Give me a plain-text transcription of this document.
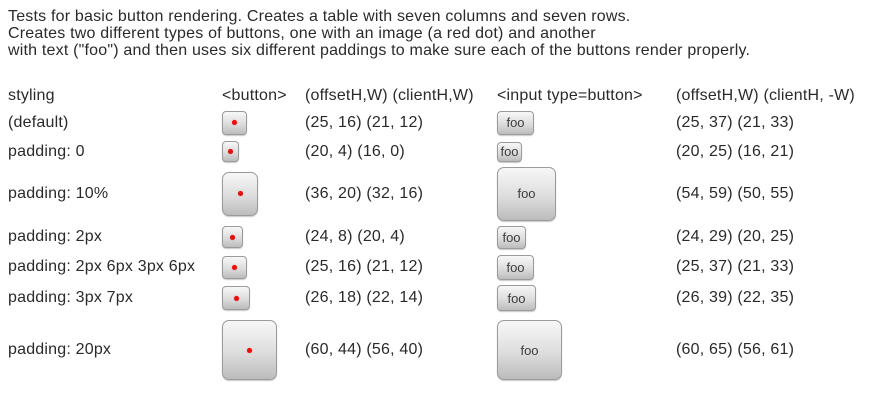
Tests for basic button rendering. Creates a table with seven columns and seven rows.
Creates two different types of buttons, one with an image (a red dot) and another
with text ("foo") and then uses six different paddings to make sure each of the buttons render properly.
styling	<button>	(offsetH,W) (clientH,W)	<input type=button>	(offsetH,W) (clientH, -W)
(default)		(25, 16) (21, 12)	foo	(25, 37) (21, 33)
padding: 0		(20, 4) (16, 0)	foo	(20, 25) (16, 21)
padding: 10%		(36, 20) (32, 16)	foo	(54, 59) (50, 55)
padding: 2px		(24, 8) (20, 4)	foo	(24, 29) (20, 25)
padding: 2px 6px 3px 6px		(25, 16) (21, 12)	foo	(25, 37) (21, 33)
padding: 3px 7px		(26, 18) (22, 14)	foo	(26, 39) (22, 35)
padding: 20px		(60, 44) (56, 40)	foo	(60, 65) (56, 61)
